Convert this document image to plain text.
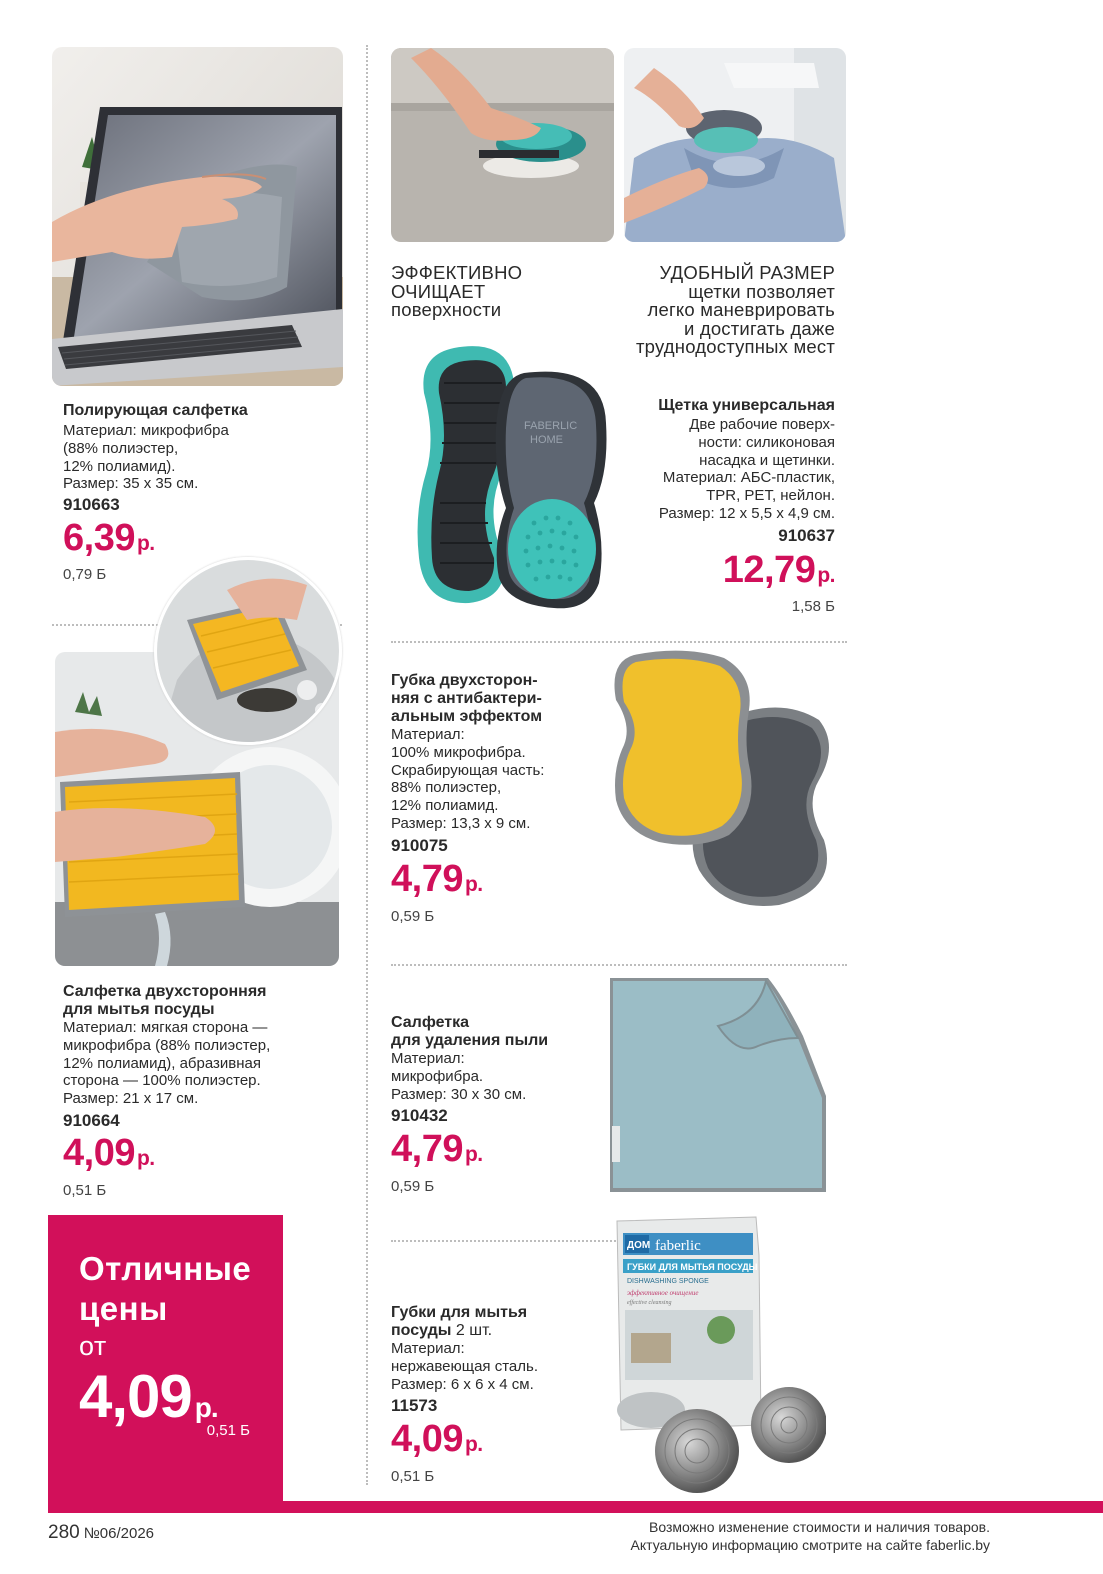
ЭФФЕКТИВНО
ОЧИЩАЕТ
поверхности
УДОБНЫЙ РАЗМЕР
щетки позволяет
легко маневрировать
и достигать даже
труднодоступных мест
FABERLIC
HOME
ДОМ faberlic
ГУБКИ ДЛЯ МЫТЬЯ ПОСУДЫ
DISHWASHING SPONGE
эффективное очищение
effective cleansing
Полирующая салфетка
Материал: микрофибра
(88% полиэстер,
12% полиамид).
Размер: 35 х 35 см.
910663
6,39р.
0,79 Б
Салфетка двухсторонняя
для мытья посуды
Материал: мягкая сторона —
микрофибра (88% полиэстер,
12% полиамид), абразивная
сторона — 100% полиэстер.
Размер: 21 х 17 см.
910664
4,09р.
0,51 Б
Щетка универсальная
Две рабочие поверх-
ности: силиконовая
насадка и щетинки.
Материал: АБС-пластик,
TPR, PET, нейлон.
Размер: 12 х 5,5 х 4,9 см.
910637
12,79р.
1,58 Б
Губка двухсторон-
няя с антибактери-
альным эффектом
Материал:
100% микрофибра.
Скрабирующая часть:
88% полиэстер,
12% полиамид.
Размер: 13,3 х 9 см.
910075
4,79р.
0,59 Б
Салфетка
для удаления пыли
Материал:
микрофибра.
Размер: 30 х 30 см.
910432
4,79р.
0,59 Б
Губки для мытья
посуды 2 шт.
Материал:
нержавеющая сталь.
Размер: 6 х 6 х 4 см.
11573
4,09р.
0,51 Б
Отличные
цены
от
4,09 р.
0,51 Б
280 №06/2026	Возможно изменение стоимости и наличия товаров.
Актуальную информацию смотрите на сайте faberlic.by
